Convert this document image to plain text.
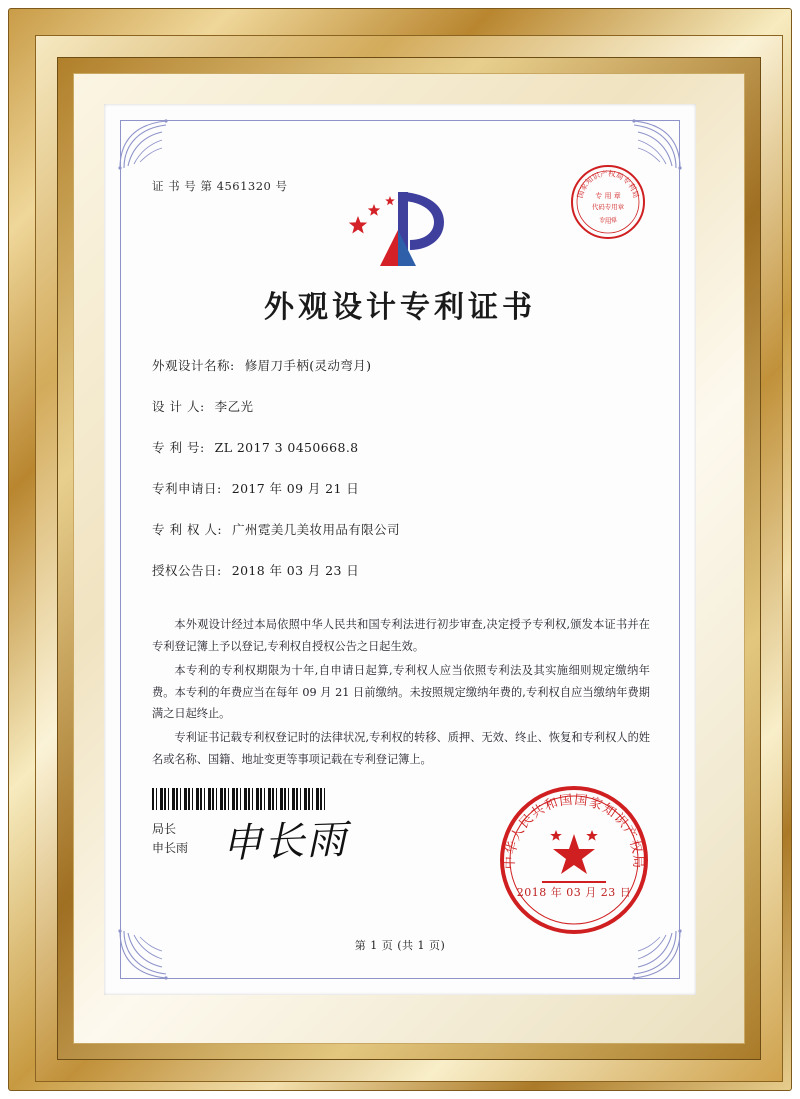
证 书 号 第 4561320 号
国家知识产权局专利局
专用章
专 用 章
代码专用章
外观设计专利证书
外观设计名称: 修眉刀手柄(灵动弯月)
设 计 人: 李乙光
专 利 号: ZL 2017 3 0450668.8
专利申请日: 2017 年 09 月 21 日
专 利 权 人: 广州霓美几美妆用品有限公司
授权公告日: 2018 年 03 月 23 日

本外观设计经过本局依照中华人民共和国专利法进行初步审查,决定授予专利权,颁发本证书并在专利登记簿上予以登记,专利权自授权公告之日起生效。

本专利的专利权期限为十年,自申请日起算,专利权人应当依照专利法及其实施细则规定缴纳年费。本专利的年费应当在每年 09 月 21 日前缴纳。未按照规定缴纳年费的,专利权自应当缴纳年费期满之日起终止。

专利证书记载专利权登记时的法律状况,专利权的转移、质押、无效、终止、恢复和专利权人的姓名或名称、国籍、地址变更等事项记载在专利登记簿上。

局长
申长雨 申长雨	中华人民共和国国家知识产权局
2018 年 03 月 23 日
第 1 页 (共 1 页)
